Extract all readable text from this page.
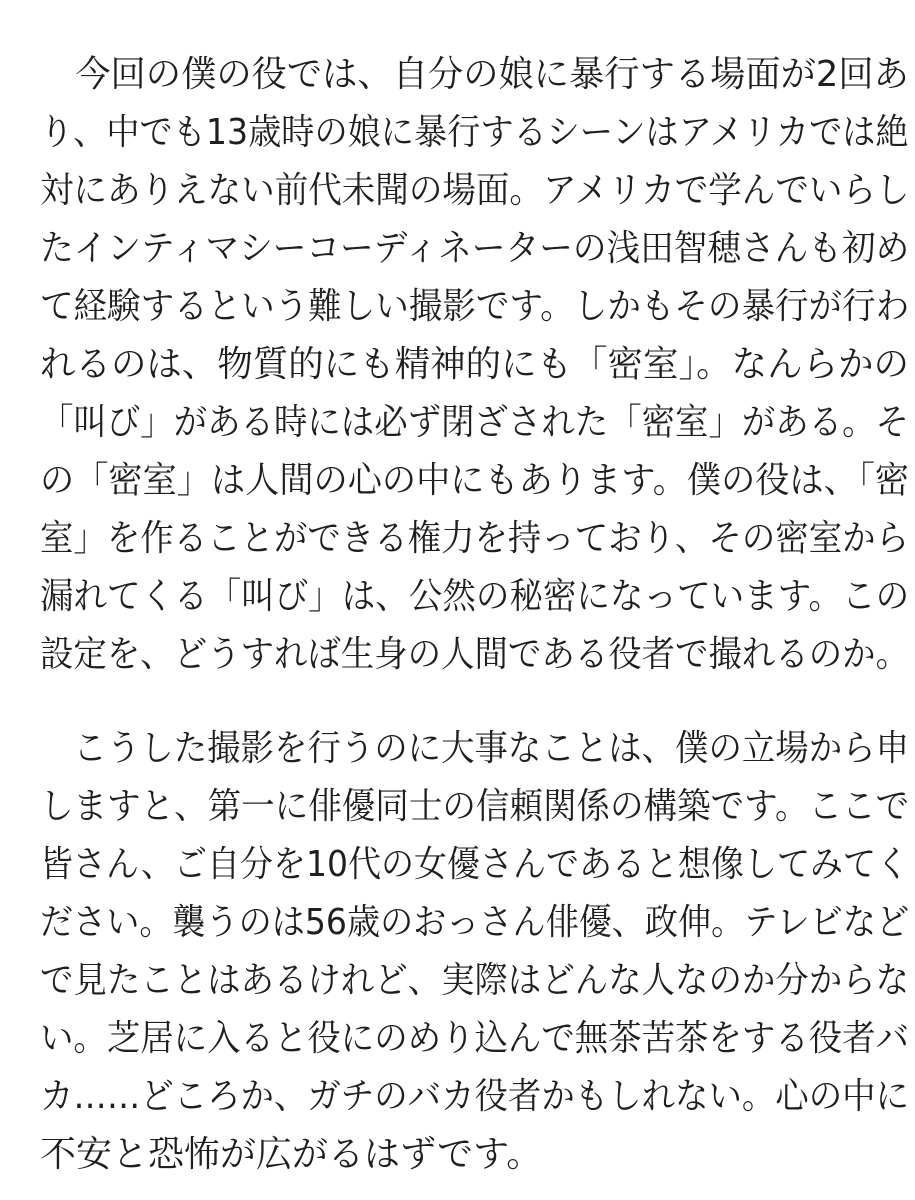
　今回の僕の役では、自分の娘に暴行する場面が2回あ
り、中でも13歳時の娘に暴行するシーンはアメリカでは絶
対にありえない前代未聞の場面。アメリカで学んでいらし
たインティマシーコーディネーターの浅田智穂さんも初め
て経験するという難しい撮影です。しかもその暴行が行わ
れるのは、物質的にも精神的にも「密室」。なんらかの
「叫び」がある時には必ず閉ざされた「密室」がある。そ
の「密室」は人間の心の中にもあります。僕の役は、「密
室」を作ることができる権力を持っており、その密室から
漏れてくる「叫び」は、公然の秘密になっています。この
設定を、どうすれば生身の人間である役者で撮れるのか。
　こうした撮影を行うのに大事なことは、僕の立場から申
しますと、第一に俳優同士の信頼関係の構築です。ここで
皆さん、ご自分を10代の女優さんであると想像してみてく
ださい。襲うのは56歳のおっさん俳優、政伸。テレビなど
で見たことはあるけれど、実際はどんな人なのか分からな
い。芝居に入ると役にのめり込んで無茶苦茶をする役者バ
カ……どころか、ガチのバカ役者かもしれない。心の中に
不安と恐怖が広がるはずです。
